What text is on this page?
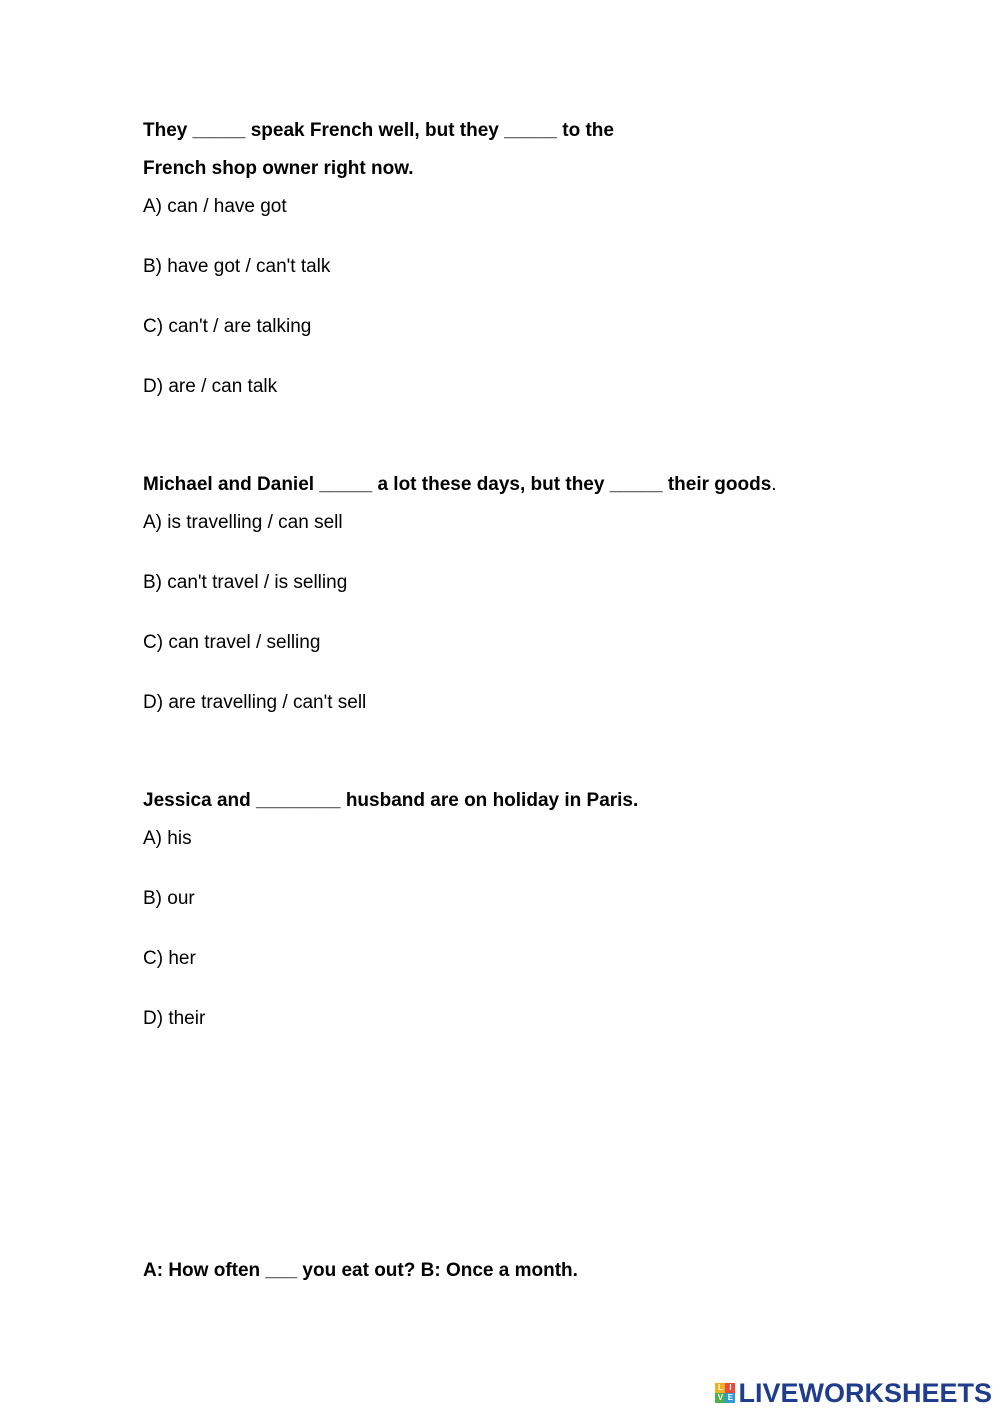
They _____ speak French well, but they _____ to the
French shop owner right now.
A) can / have got
B) have got / can't talk
C) can't / are talking
D) are / can talk
Michael and Daniel _____ a lot these days, but they _____ their goods.
A) is travelling / can sell
B) can't travel / is selling
C) can travel / selling
D) are travelling / can't sell
Jessica and ________ husband are on holiday in Paris.
A) his
B) our
C) her
D) their
A: How often ___ you eat out? B: Once a month.
L I
V E LIVEWORKSHEETS
